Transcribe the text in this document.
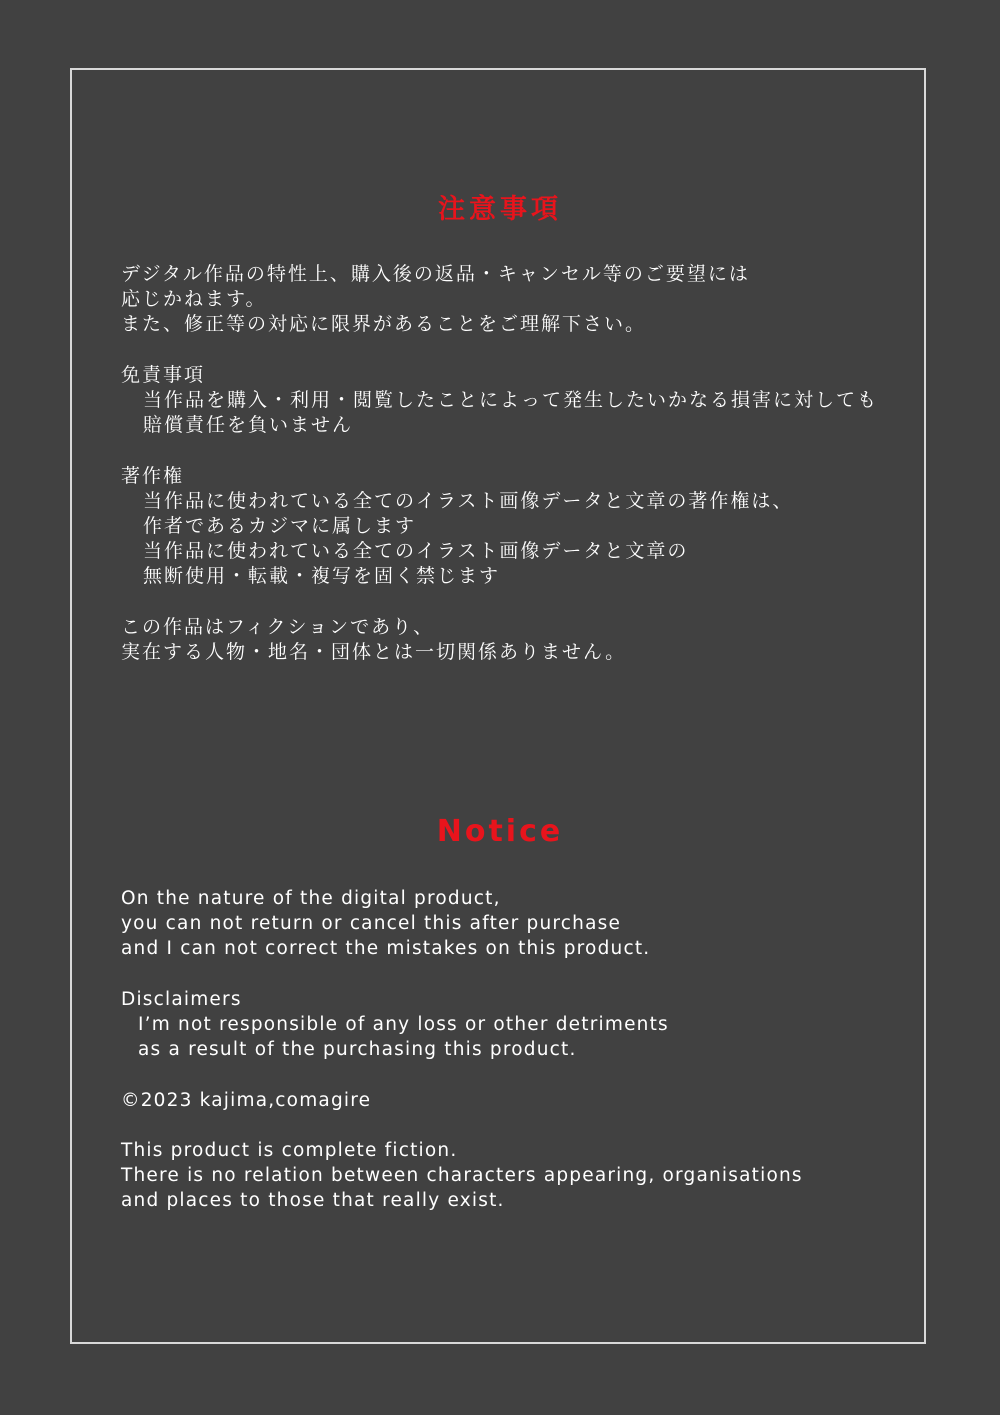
注意事項
デジタル作品の特性上、購入後の返品・キャンセル等のご要望には
応じかねます。
また、修正等の対応に限界があることをご理解下さい。
免責事項
当作品を購入・利用・閲覧したことによって発生したいかなる損害に対しても
賠償責任を負いません
著作権
当作品に使われている全てのイラスト画像データと文章の著作権は、
作者であるカジマに属します
当作品に使われている全てのイラスト画像データと文章の
無断使用・転載・複写を固く禁じます
この作品はフィクションであり、
実在する人物・地名・団体とは一切関係ありません。
Notice
On the nature of the digital product,
you can not return or cancel this after purchase
and I can not correct the mistakes on this product.
Disclaimers
I’m not responsible of any loss or other detriments
as a result of the purchasing this product.
©2023 kajima,comagire
This product is complete fiction.
There is no relation between characters appearing, organisations
and places to those that really exist.
